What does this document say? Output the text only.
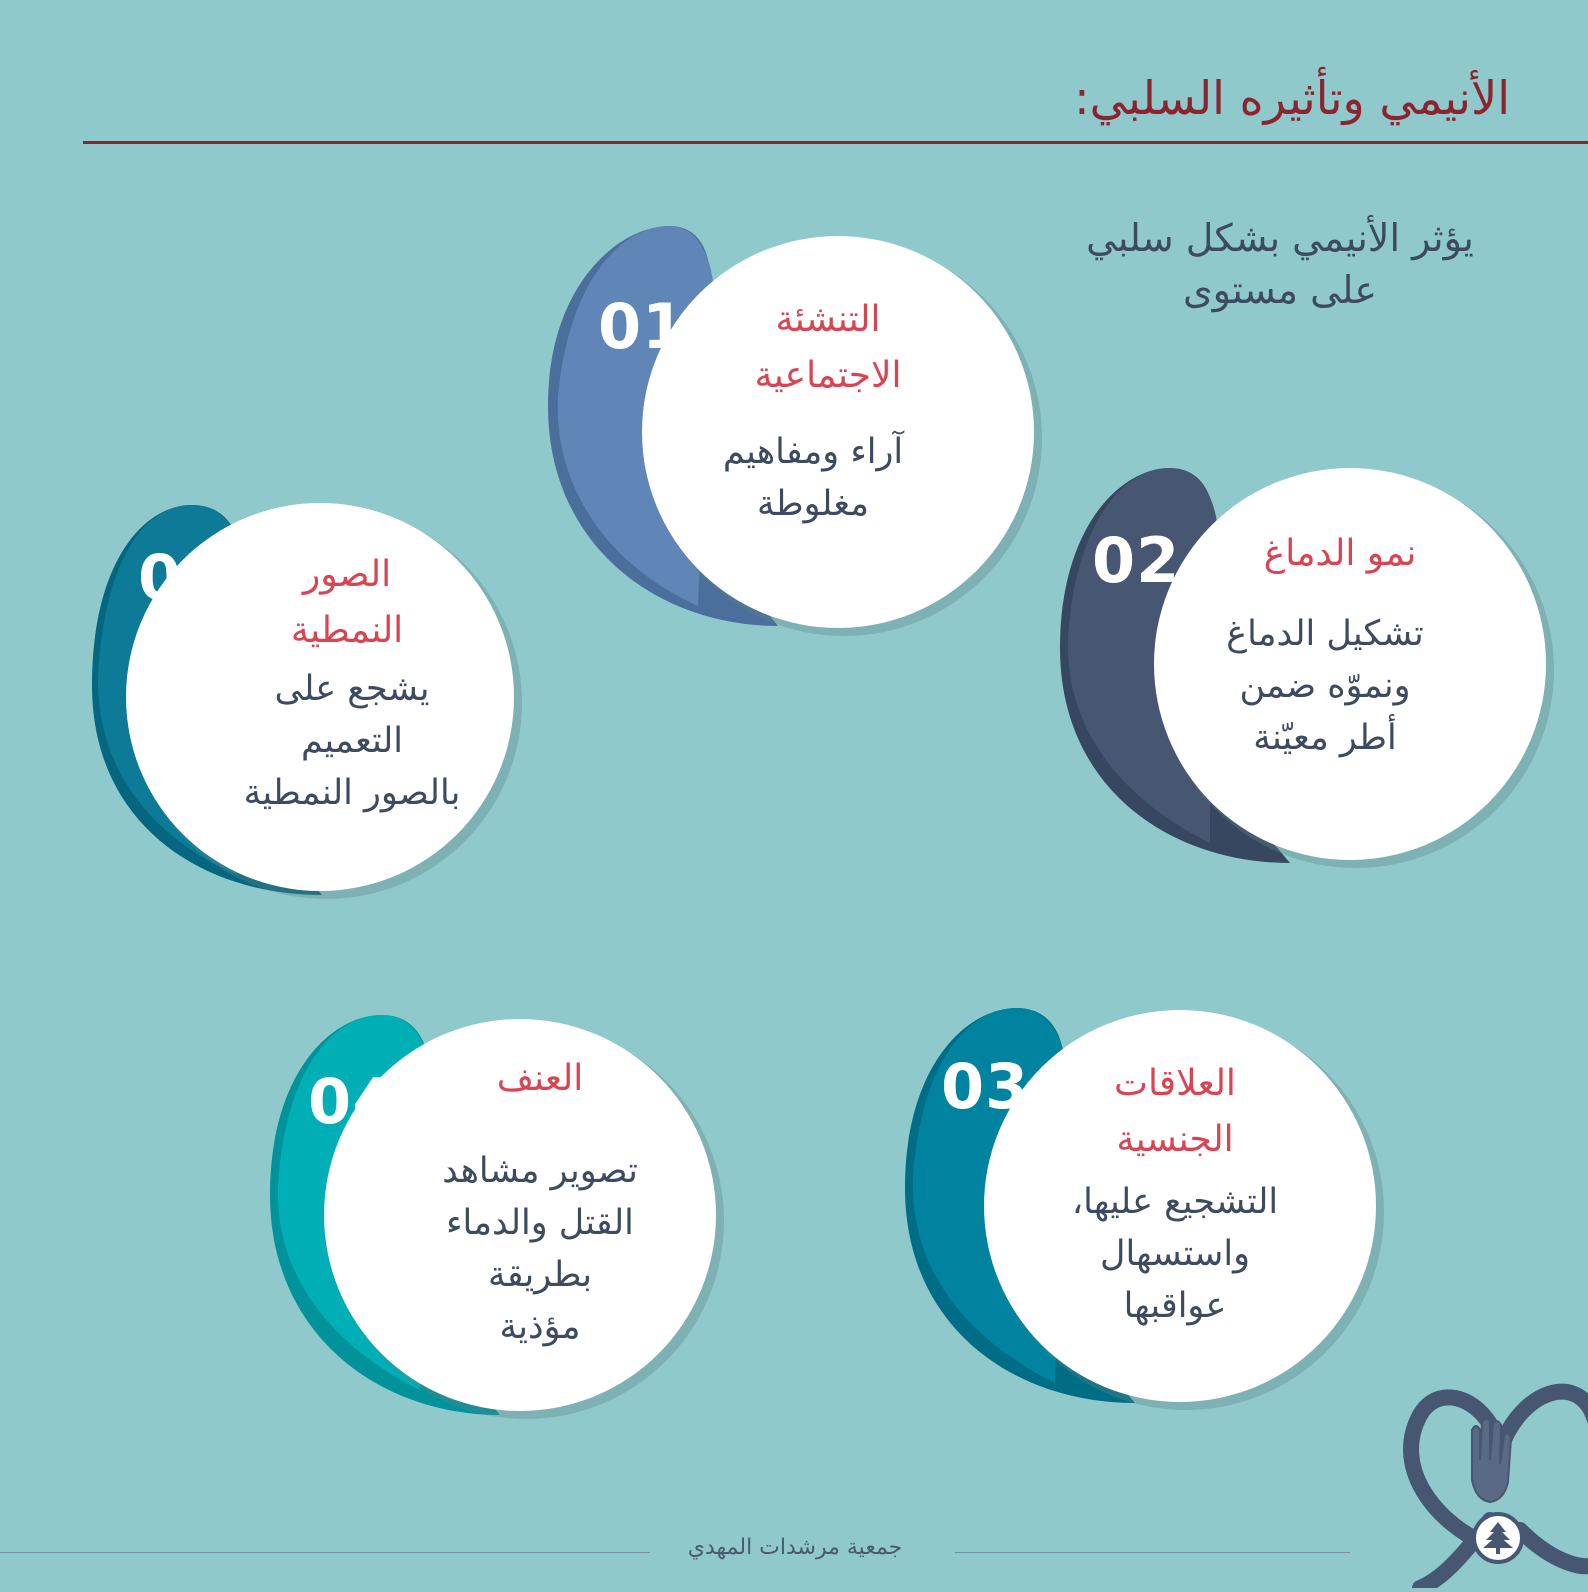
الأنيمي وتأثيره السلبي:
يؤثر الأنيمي بشكل سلبي
على مستوى
01	التنشئة
الاجتماعية
آراء ومفاهيم
مغلوطة
02	نمو الدماغ
تشكيل الدماغ
ونموّه ضمن
أطر معيّنة
03	العلاقات
الجنسية
التشجيع عليها،
واستسهال
عواقبها
04	العنف
تصوير مشاهد
القتل والدماء
بطريقة
مؤذية
05	الصور
النمطية
يشجع على
التعميم
بالصور النمطية
جمعية مرشدات المهدي
